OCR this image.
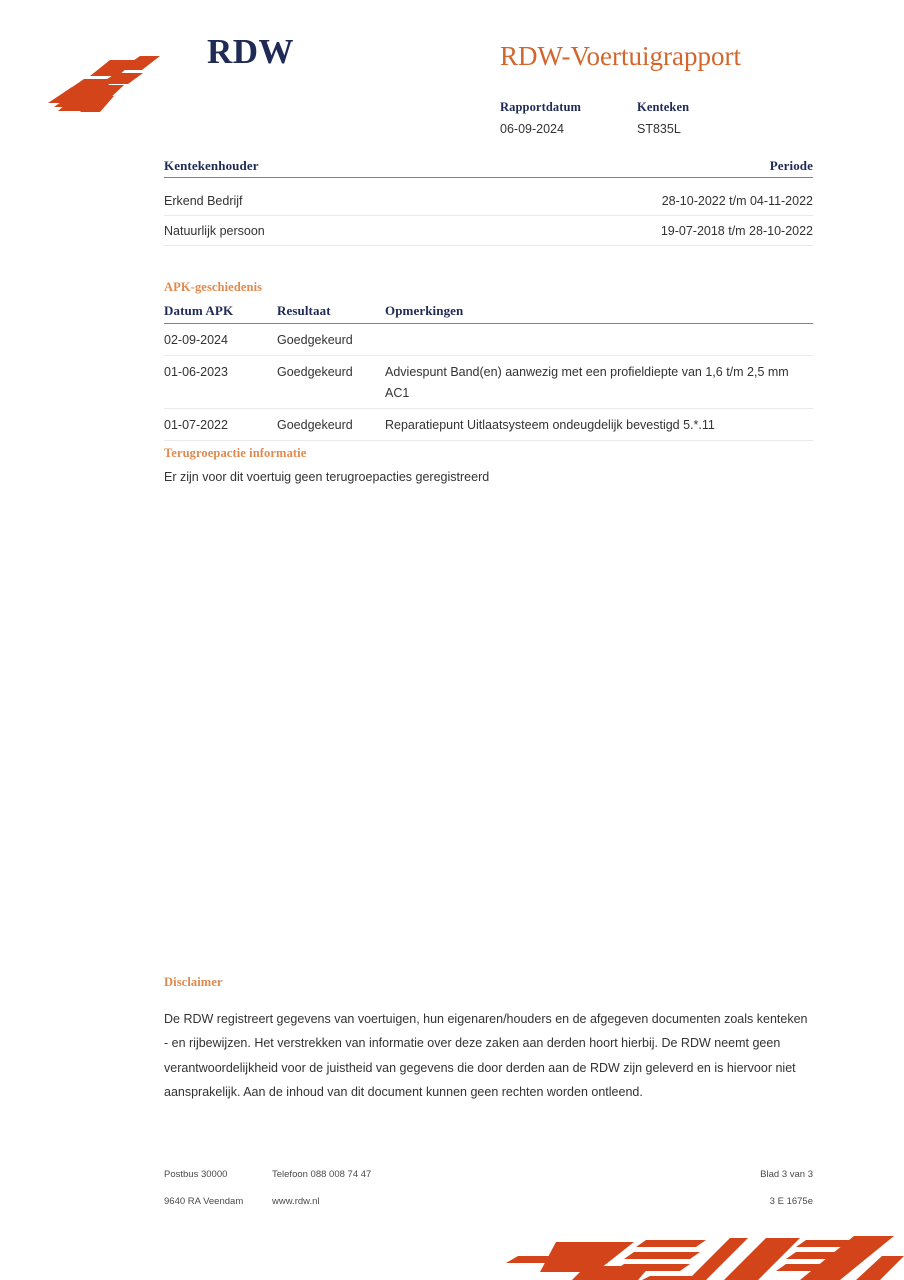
RDW	RDW-Voertuigrapport
Rapportdatum
06-09-2024
Kenteken
ST835L
Kentekenhouder	Periode
Erkend Bedrijf	28-10-2022 t/m 04-11-2022
Natuurlijk persoon	19-07-2018 t/m 28-10-2022
APK-geschiedenis
Datum APK	Resultaat	Opmerkingen
02-09-2024	Goedgekeurd	
01-06-2023	Goedgekeurd	Adviespunt Band(en) aanwezig met een profieldiepte van 1,6 t/m 2,5 mm AC1
01-07-2022	Goedgekeurd	Reparatiepunt Uitlaatsysteem ondeugdelijk bevestigd 5.*.11
Terugroepactie informatie
Er zijn voor dit voertuig geen terugroepacties geregistreerd
Disclaimer
De RDW registreert gegevens van voertuigen, hun eigenaren/houders en de afgegeven documenten zoals kenteken - en rijbewijzen. Het verstrekken van informatie over deze zaken aan derden hoort hierbij. De RDW neemt geen verantwoordelijkheid voor de juistheid van gegevens die door derden aan de RDW zijn geleverd en is hiervoor niet aansprakelijk. Aan de inhoud van dit document kunnen geen rechten worden ontleend.
Postbus 30000	Telefoon 088 008 74 47	Blad 3 van 3
9640 RA Veendam	www.rdw.nl	3 E 1675e
